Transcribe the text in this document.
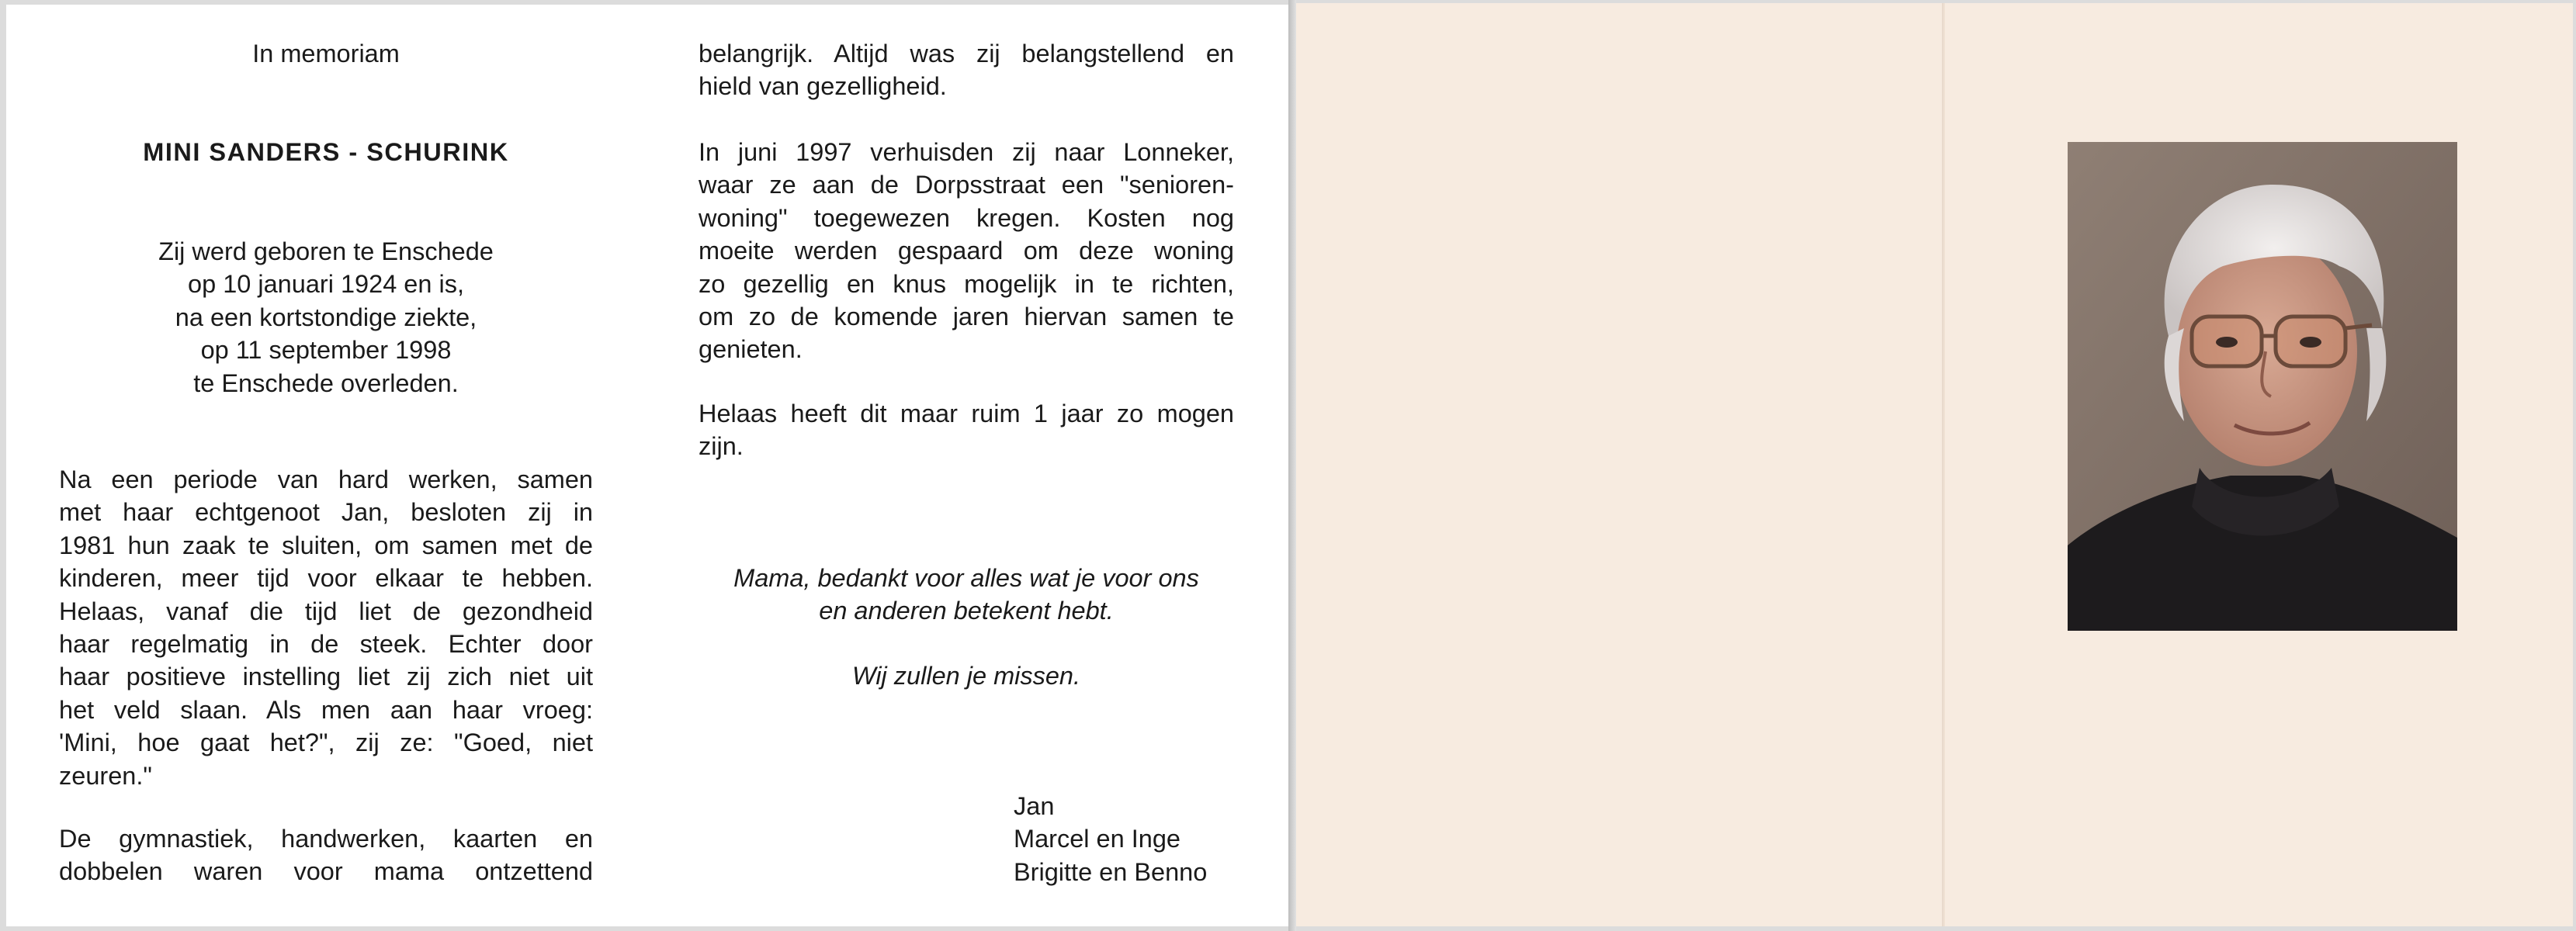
In memoriam
MINI SANDERS - SCHURINK
Zij werd geboren te Enschede
op 10 januari 1924 en is,
na een kortstondige ziekte,
op 11 september 1998
te Enschede overleden.
Na een periode van hard werken, samen
met haar echtgenoot Jan, besloten zij in
1981 hun zaak te sluiten, om samen met de
kinderen, meer tijd voor elkaar te hebben.
Helaas, vanaf die tijd liet de gezondheid
haar regelmatig in de steek. Echter door
haar positieve instelling liet zij zich niet uit
het veld slaan. Als men aan haar vroeg:
'Mini, hoe gaat het?", zij ze: "Goed, niet
zeuren."
De gymnastiek, handwerken, kaarten en
dobbelen waren voor mama ontzettend
belangrijk. Altijd was zij belangstellend en
hield van gezelligheid.
In juni 1997 verhuisden zij naar Lonneker,
waar ze aan de Dorpsstraat een "senioren-
woning" toegewezen kregen. Kosten nog
moeite werden gespaard om deze woning
zo gezellig en knus mogelijk in te richten,
om zo de komende jaren hiervan samen te
genieten.
Helaas heeft dit maar ruim 1 jaar zo mogen
zijn.
Mama, bedankt voor alles wat je voor ons
en anderen betekent hebt.
Wij zullen je missen.
Jan
Marcel en Inge
Brigitte en Benno
